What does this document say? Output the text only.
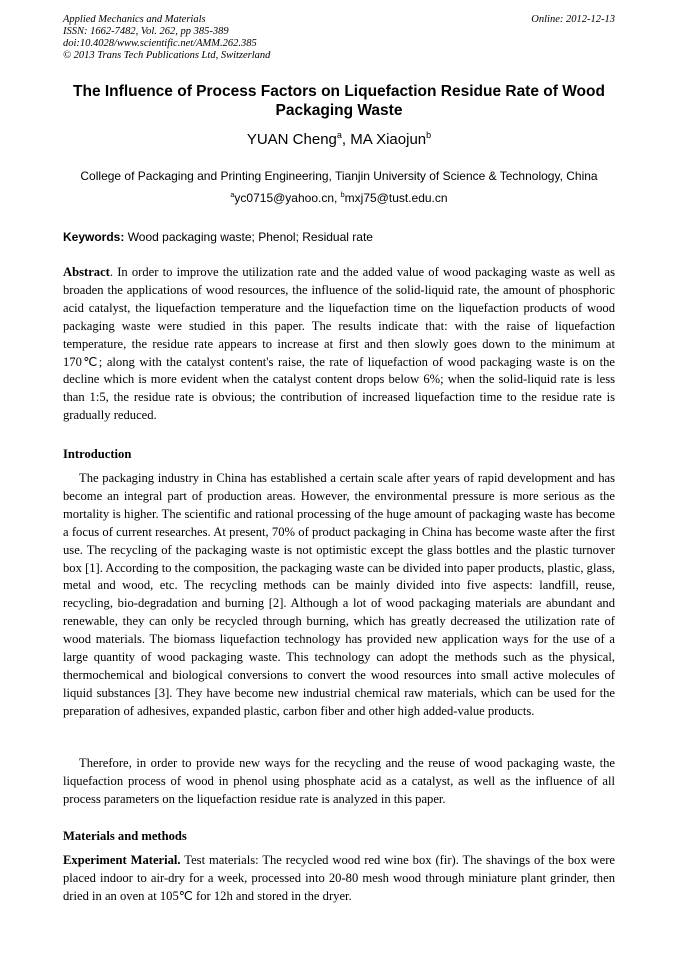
Applied Mechanics and Materials
ISSN: 1662-7482, Vol. 262, pp 385-389
doi:10.4028/www.scientific.net/AMM.262.385
© 2013 Trans Tech Publications Ltd, Switzerland
Online: 2012-12-13
The Influence of Process Factors on Liquefaction Residue Rate of Wood Packaging Waste
YUAN Cheng$^a$, MA Xiaojun$^b$
College of Packaging and Printing Engineering, Tianjin University of Science & Technology, China
$^a$yc0715@yahoo.cn, $^b$mxj75@tust.edu.cn
Keywords: Wood packaging waste; Phenol; Residual rate
Abstract. In order to improve the utilization rate and the added value of wood packaging waste as well as broaden the applications of wood resources, the influence of the solid-liquid rate, the amount of phosphoric acid catalyst, the liquefaction temperature and the liquefaction time on the liquefaction products of wood packaging waste were studied in this paper. The results indicate that: with the raise of liquefaction temperature, the residue rate appears to increase at first and then slowly goes down to the minimum at 170℃; along with the catalyst content's raise, the rate of liquefaction of wood packaging waste is on the decline which is more evident when the catalyst content drops below 6%; when the solid-liquid rate is less than 1:5, the residue rate is obvious; the contribution of increased liquefaction time to the residue rate is gradually reduced.
Introduction
The packaging industry in China has established a certain scale after years of rapid development and has become an integral part of production areas. However, the environmental pressure is more serious as the mortality is higher. The scientific and rational processing of the huge amount of packaging waste has become a focus of current researches. At present, 70% of product packaging in China has become waste after the first use. The recycling of the packaging waste is not optimistic except the glass bottles and the plastic turnover box [1]. According to the composition, the packaging waste can be divided into paper products, plastic, glass, metal and wood, etc. The recycling methods can be mainly divided into five aspects: landfill, reuse, recycling, bio-degradation and burning [2]. Although a lot of wood packaging materials are abundant and renewable, they can only be recycled through burning, which has greatly decreased the utilization rate of wood materials. The biomass liquefaction technology has provided new application ways for the use of a large quantity of wood packaging waste. This technology can adopt the methods such as the physical, thermochemical and biological conversions to convert the wood resources into small active molecules of liquid substances [3]. They have become new industrial chemical raw materials, which can be used for the preparation of adhesives, expanded plastic, carbon fiber and other high added-value products.
Therefore, in order to provide new ways for the recycling and the reuse of wood packaging waste, the liquefaction process of wood in phenol using phosphate acid as a catalyst, as well as the influence of all process parameters on the liquefaction residue rate is analyzed in this paper.
Materials and methods
Experiment Material. Test materials: The recycled wood red wine box (fir). The shavings of the box were placed indoor to air-dry for a week, processed into 20-80 mesh wood through miniature plant grinder, then dried in an oven at 105℃ for 12h and stored in the dryer.
